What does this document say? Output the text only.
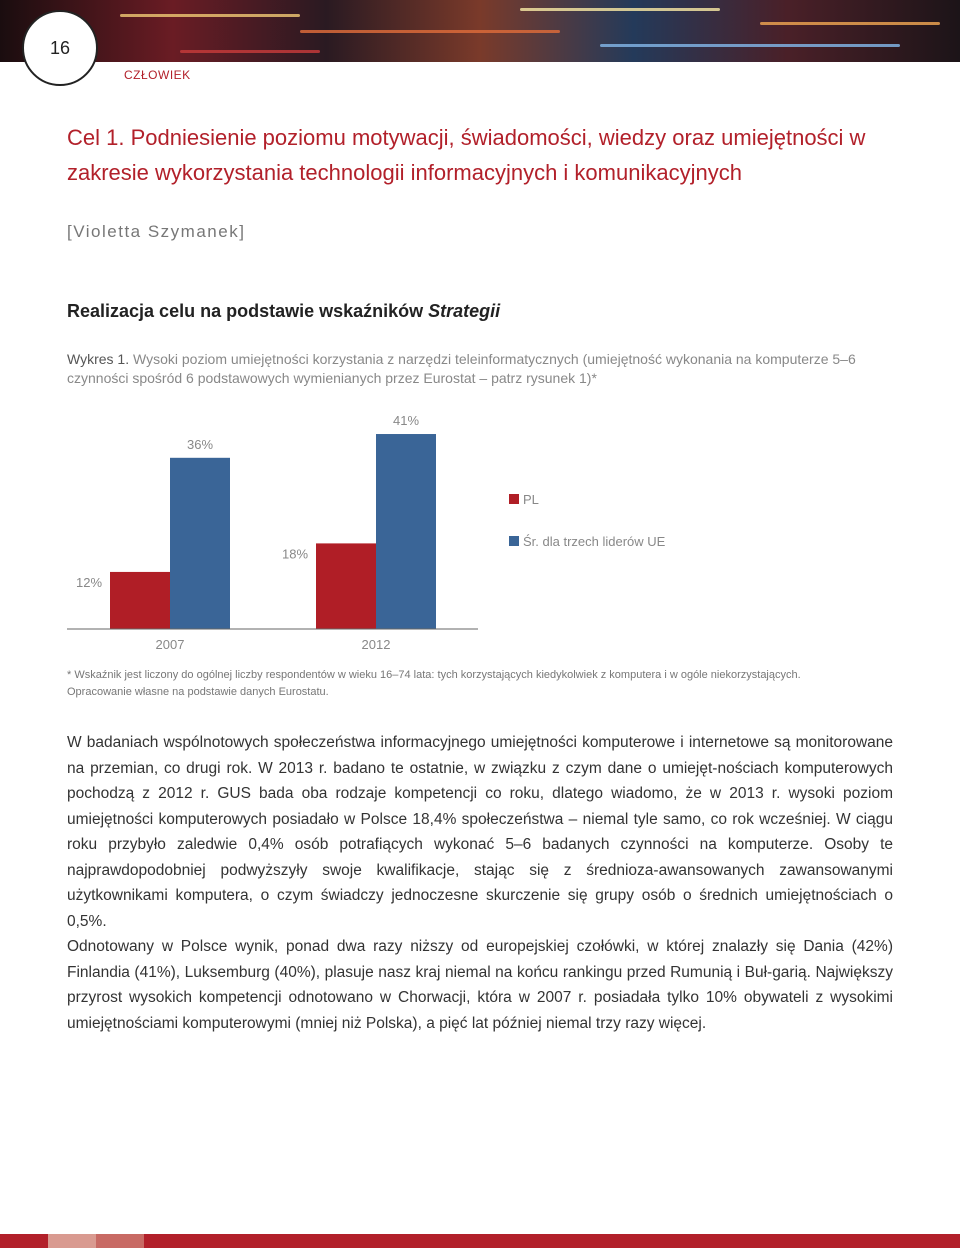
16
CZŁOWIEK
Cel 1. Podniesienie poziomu motywacji, świadomości, wiedzy oraz umiejętności w zakresie wykorzystania technologii informacyjnych i komunikacyjnych
[Violetta Szymanek]
Realizacja celu na podstawie wskaźników Strategii
Wykres 1. Wysoki poziom umiejętności korzystania z narzędzi teleinformatycznych (umiejętność wykonania na komputerze 5–6 czynności spośród 6 podstawowych wymienianych przez Eurostat – patrz rysunek 1)*
12%
36%
2007
18%
41%
2012
PL
Śr. dla trzech liderów UE
* Wskaźnik jest liczony do ogólnej liczby respondentów w wieku 16–74 lata: tych korzystających kiedykolwiek z komputera i w ogóle niekorzystających.
Opracowanie własne na podstawie danych Eurostatu.

W badaniach wspólnotowych społeczeństwa informacyjnego umiejętności komputerowe i internetowe są monitorowane na przemian, co drugi rok. W 2013 r. badano te ostatnie, w związku z czym dane o umiejęt-nościach komputerowych pochodzą z 2012 r. GUS bada oba rodzaje kompetencji co roku, dlatego wiadomo, że w 2013 r. wysoki poziom umiejętności komputerowych posiadało w Polsce 18,4% społeczeństwa – niemal tyle samo, co rok wcześniej. W ciągu roku przybyło zaledwie 0,4% osób potrafiących wykonać 5–6 badanych czynności na komputerze. Osoby te najprawdopodobniej podwyższyły swoje kwalifikacje, stając się z średnioza-awansowanych zawansowanymi użytkownikami komputera, o czym świadczy jednoczesne skurczenie się grupy osób o średnich umiejętnościach o 0,5%.

Odnotowany w Polsce wynik, ponad dwa razy niższy od europejskiej czołówki, w której znalazły się Dania (42%) Finlandia (41%), Luksemburg (40%), plasuje nasz kraj niemal na końcu rankingu przed Rumunią i Buł-garią. Największy przyrost wysokich kompetencji odnotowano w Chorwacji, która w 2007 r. posiadała tylko 10% obywateli z wysokimi umiejętnościami komputerowymi (mniej niż Polska), a pięć lat później niemal trzy razy więcej.
